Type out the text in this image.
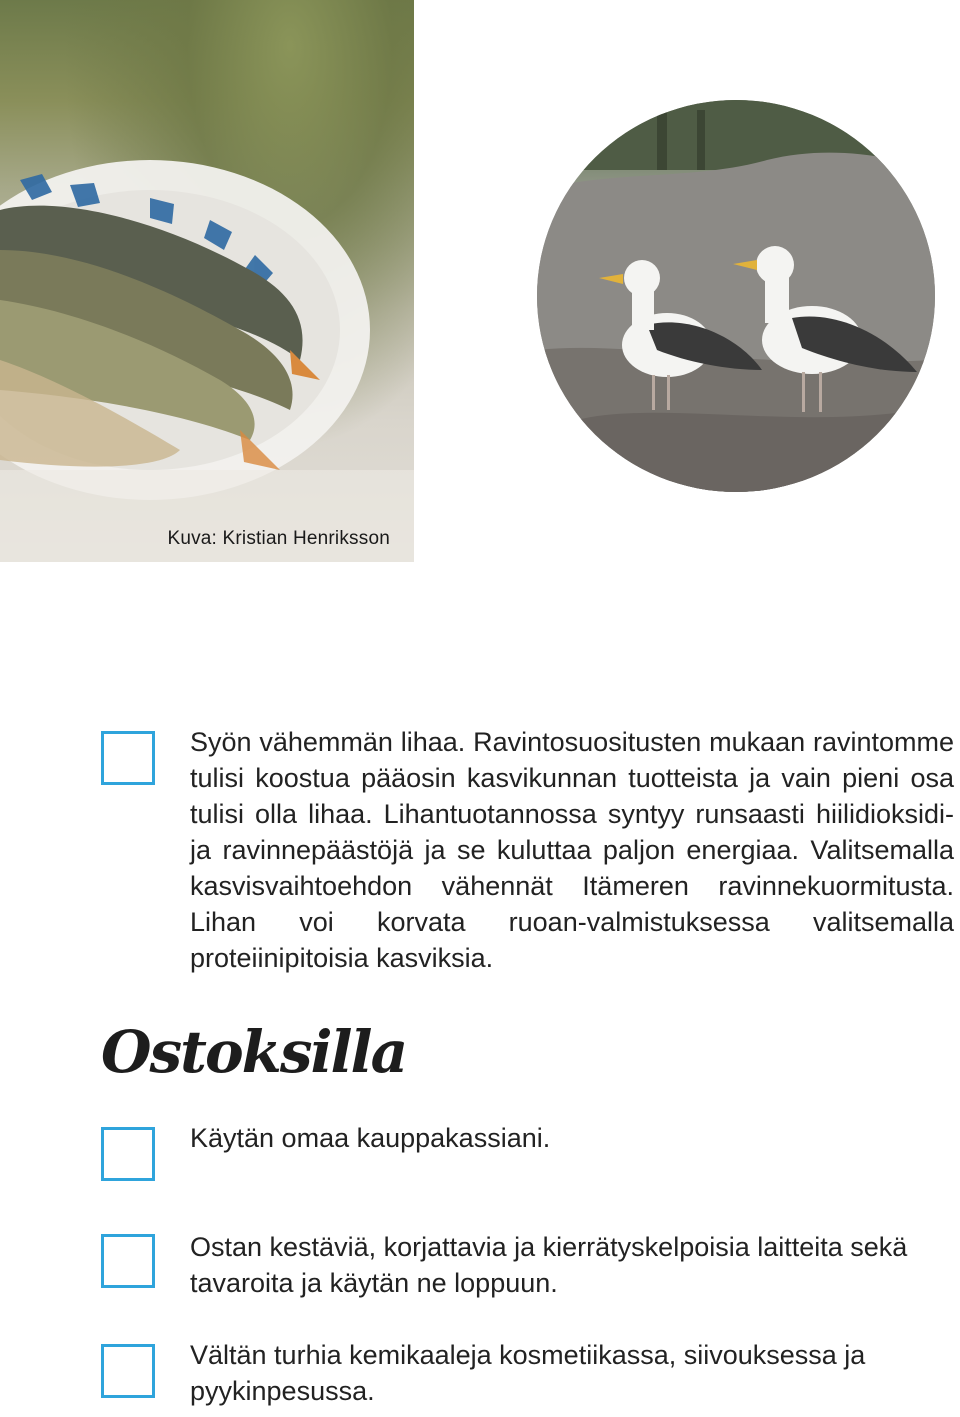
Kuva: Kristian Henriksson

Syön vähemmän lihaa. Ravintosuositusten mukaan ravintomme tulisi koostua pääosin kasvikunnan tuotteista ja vain pieni osa tulisi olla lihaa. Lihantuotannossa syntyy runsaasti hiilidioksidi- ja ravinnepäästöjä ja se kuluttaa paljon energiaa. Valitsemalla kasvisvaihtoehdon vähennät Itämeren ravinnekuormitusta. Lihan voi korvata ruoan-valmistuksessa valitsemalla proteiinipitoisia kasviksia.

Ostoksilla

Käytän omaa kauppakassiani.

Ostan kestäviä, korjattavia ja kierrätyskelpoisia laitteita sekä tavaroita ja käytän ne loppuun.

Vältän turhia kemikaaleja kosmetiikassa, siivouksessa ja pyykinpesussa.
